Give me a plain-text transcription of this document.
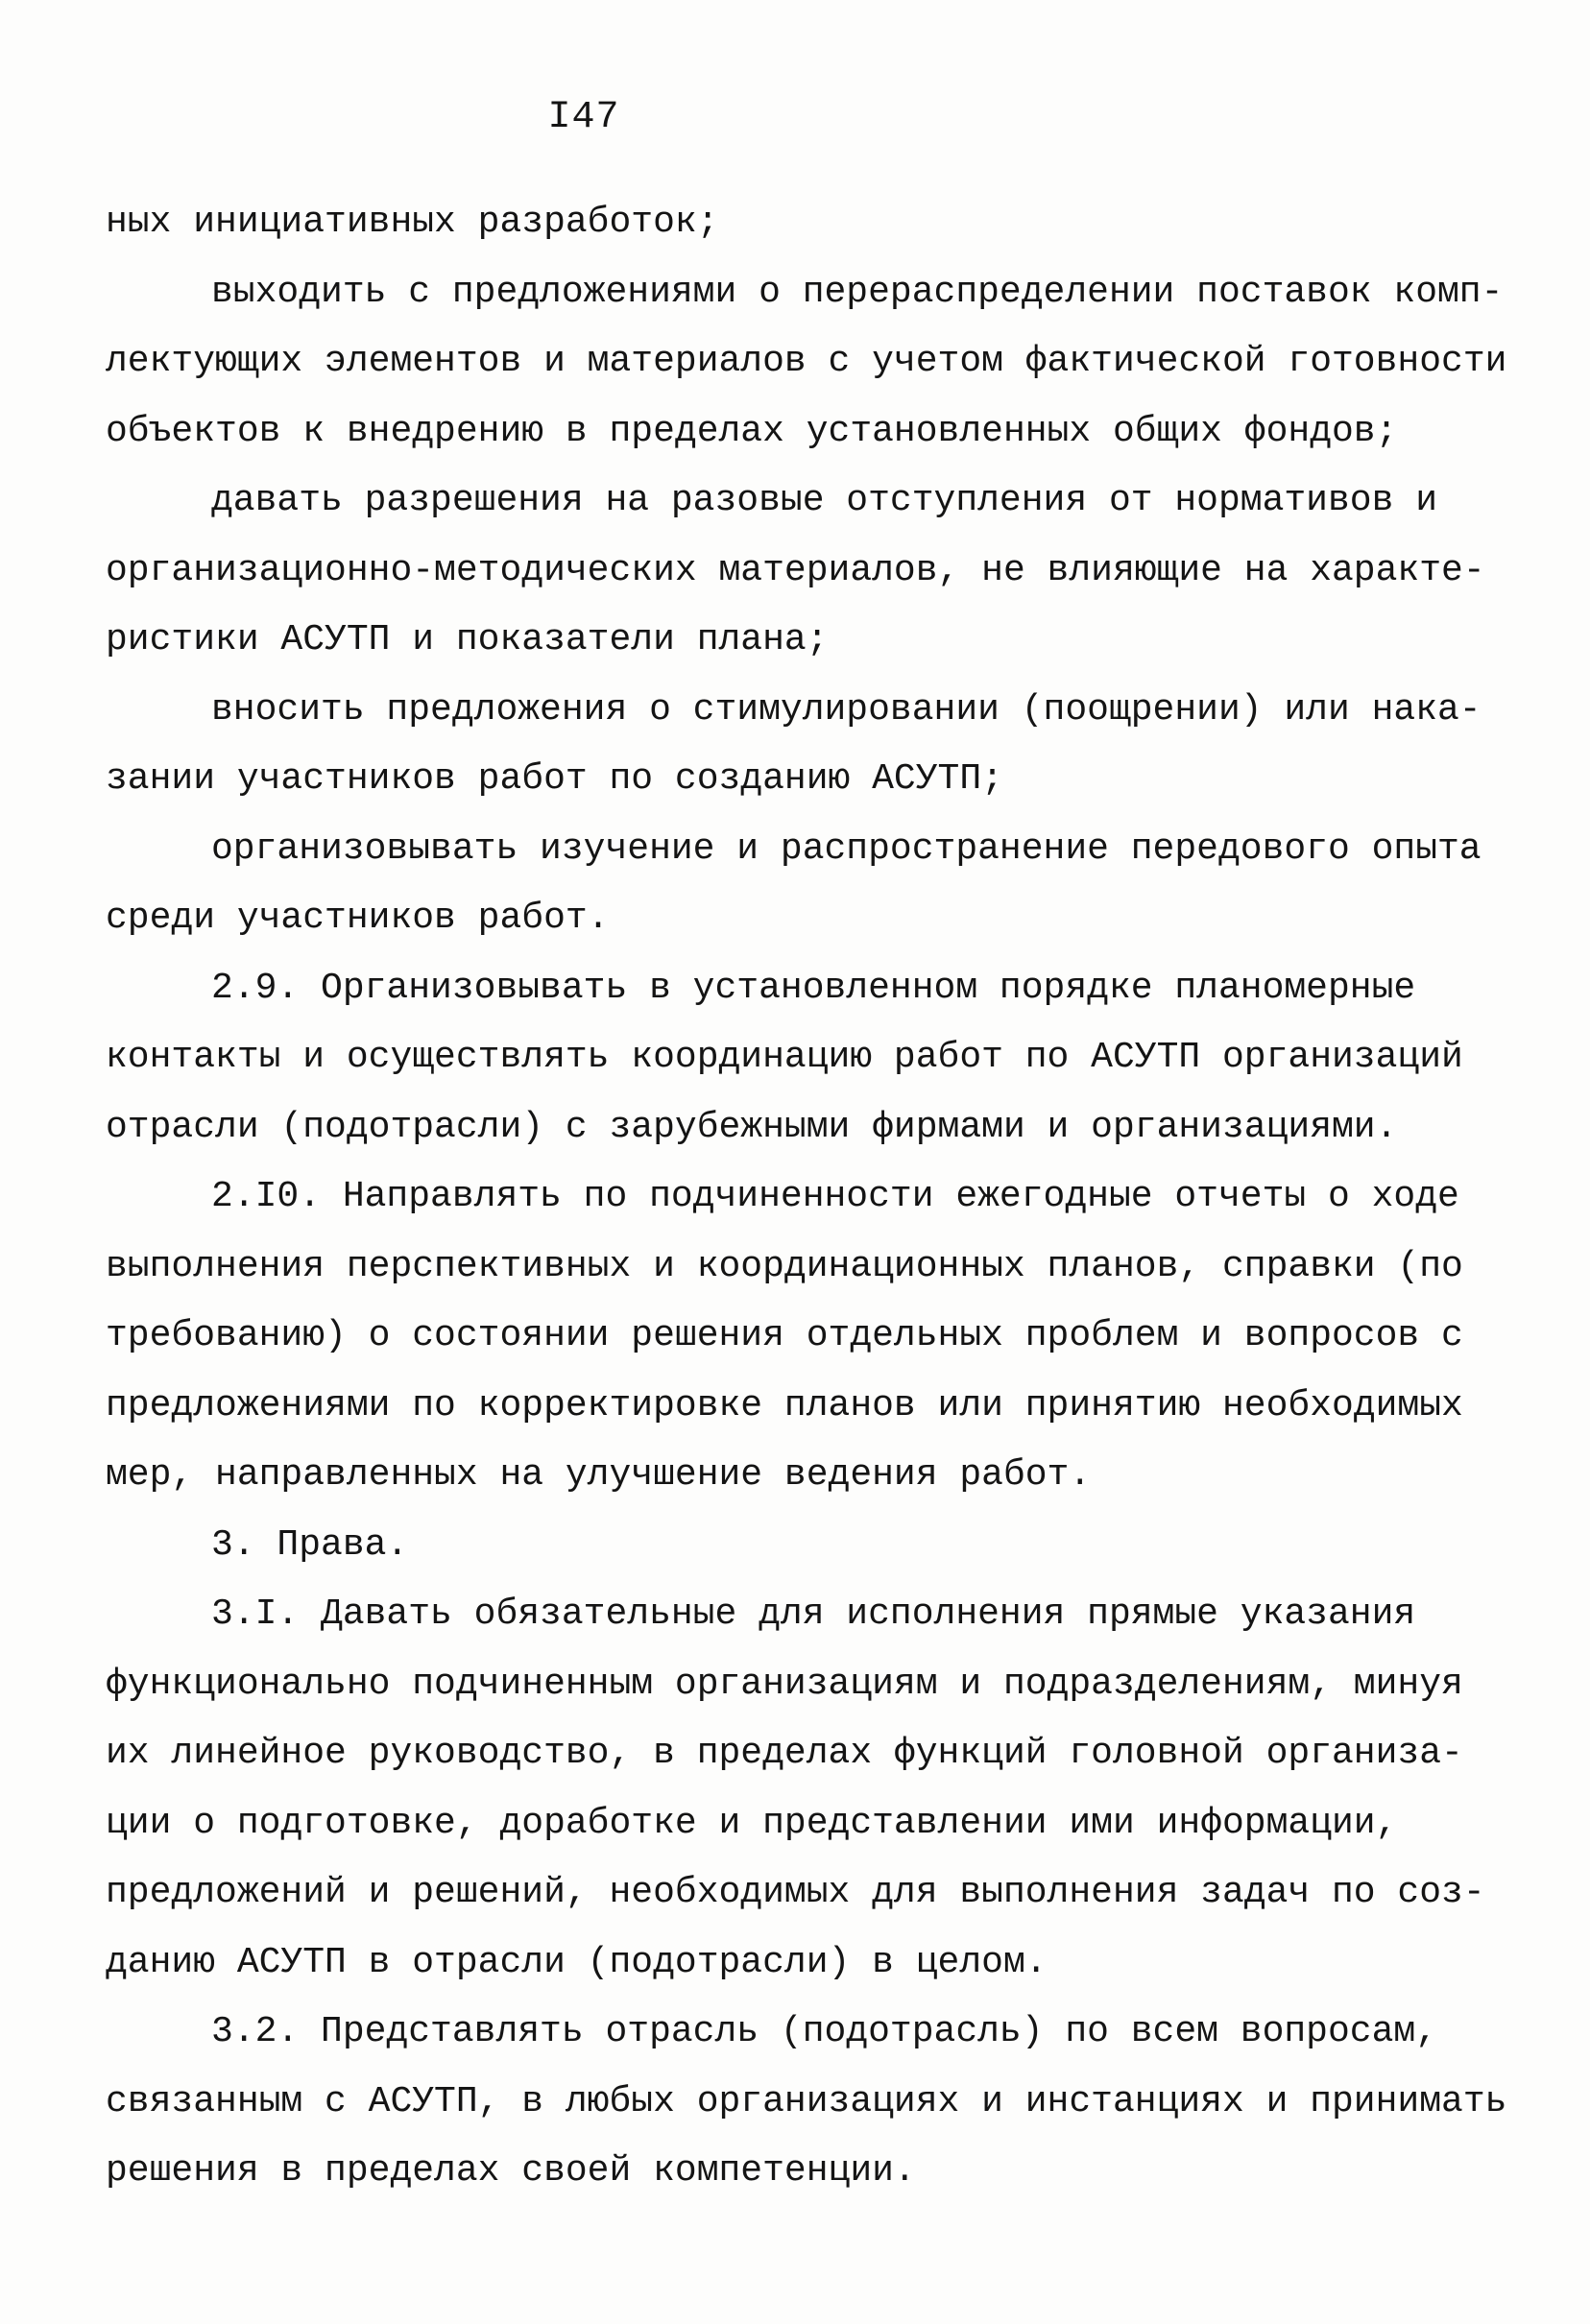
I47
ных инициативных разработок;
выходить с предложениями о перераспределении поставок комп-
лектующих элементов и материалов с учетом фактической готовности
объектов к внедрению в пределах установленных общих фондов;
давать разрешения на разовые отступления от нормативов и
организационно-методических материалов, не влияющие на характе-
ристики АСУТП и показатели плана;
вносить предложения о стимулировании (поощрении) или нака-
зании участников работ по созданию АСУТП;
организовывать изучение и распространение передового опыта
среди участников работ.
2.9. Организовывать в установленном порядке планомерные
контакты и осуществлять координацию работ по АСУТП организаций
отрасли (подотрасли) с зарубежными фирмами и организациями.
2.I0. Направлять по подчиненности ежегодные отчеты о ходе
выполнения перспективных и координационных планов, справки (по
требованию) о состоянии решения отдельных проблем и вопросов с
предложениями по корректировке планов или принятию необходимых
мер, направленных на улучшение ведения работ.
3. Права.
3.I. Давать обязательные для исполнения прямые указания
функционально подчиненным организациям и подразделениям, минуя
их линейное руководство, в пределах функций головной организа-
ции о подготовке, доработке и представлении ими информации,
предложений и решений, необходимых для выполнения задач по соз-
данию АСУТП в отрасли (подотрасли) в целом.
3.2. Представлять отрасль (подотрасль) по всем вопросам,
связанным с АСУТП, в любых организациях и инстанциях и принимать
решения в пределах своей компетенции.
